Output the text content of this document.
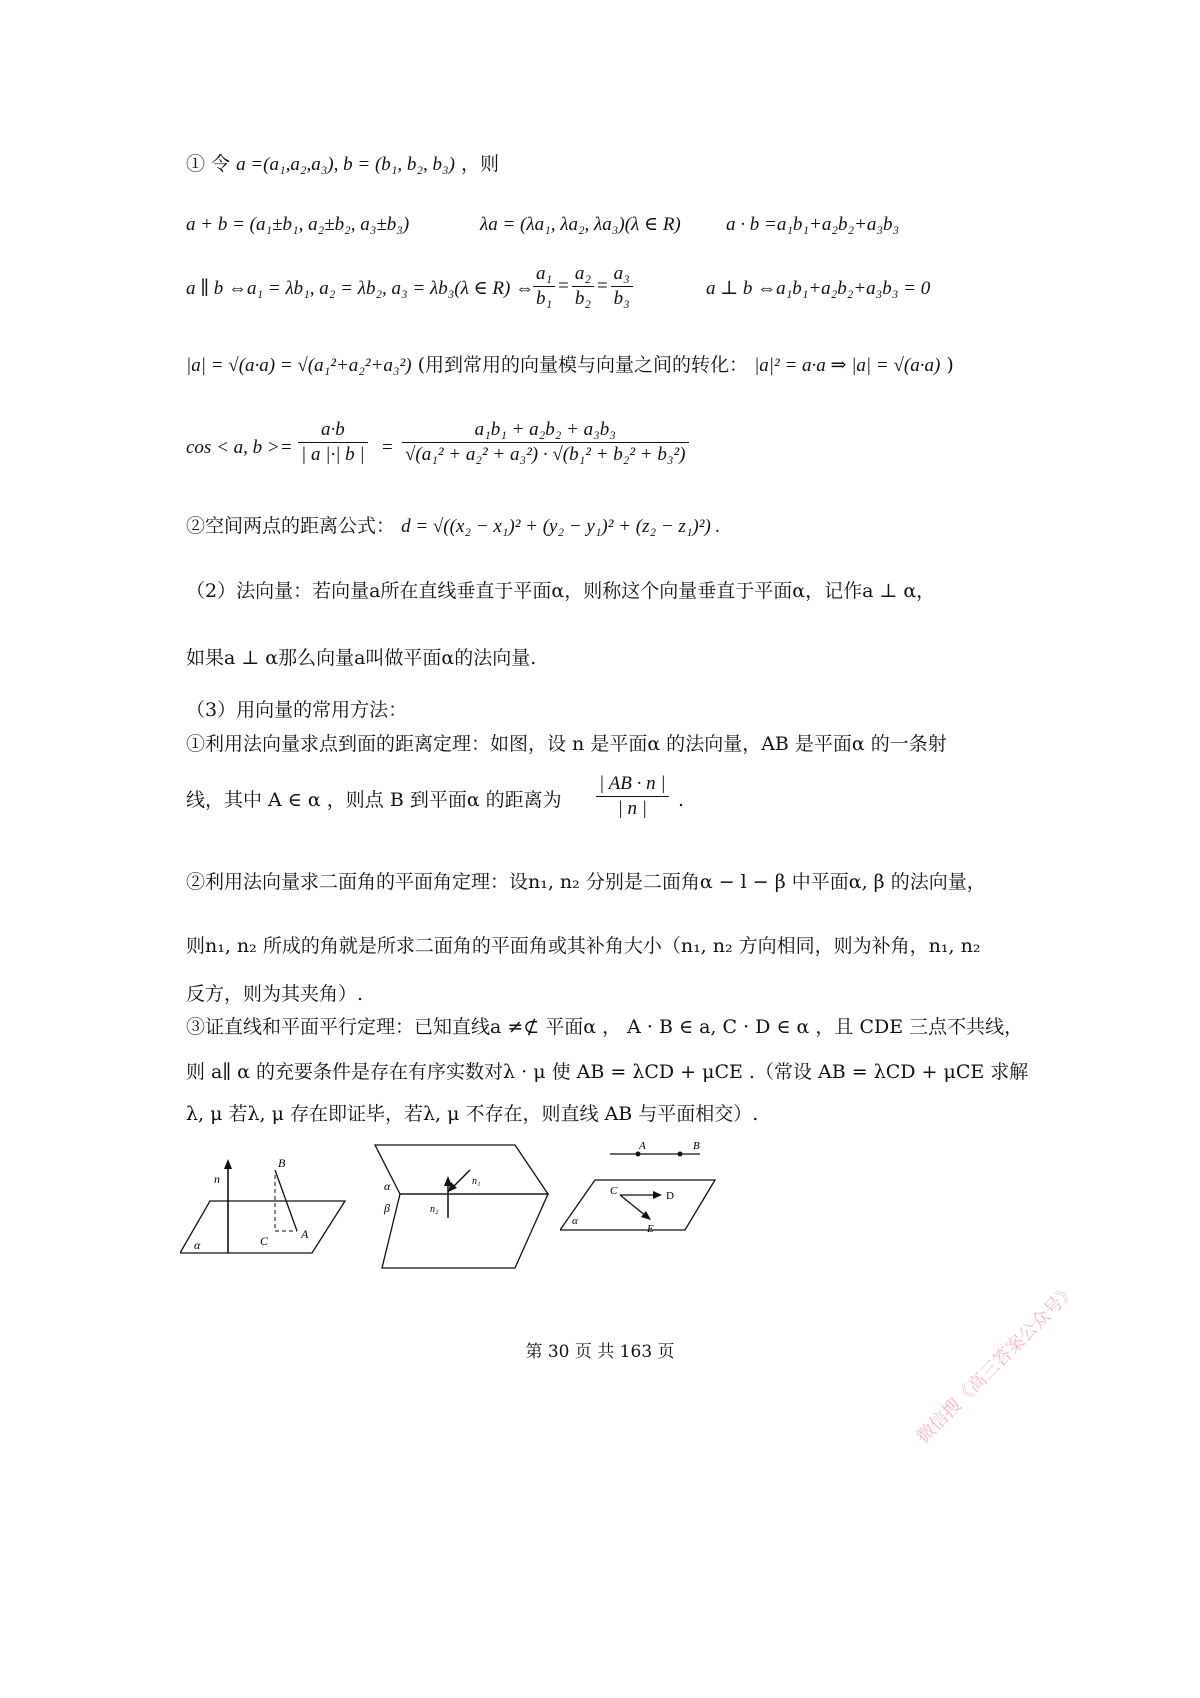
① 令 a =(a₁,a₂,a₃), b = (b₁, b₂, b₃) ，则
a + b = (a₁±b₁, a₂±b₂, a₃±b₃)	λa = (λa₁, λa₂, λa₃)(λ ∈ R) a · b =a₁b₁+a₂b₂+a₃b₃
a ∥ b ⇔a₁ = λb₁, a₂ = λb₂, a₃ = λb₃(λ ∈ R) ⇔
$\frac{\text{a₁}}{\text{b₁}} = \frac{\text{a₂}}{\text{b₂}} = \frac{\text{a₃}}{\text{b₃}}$	a ⊥ b ⇔a₁b₁+a₂b₂+a₃b₃ = 0
|a| = √(a·a) = √(a₁²+a₂²+a₃²) (用到常用的向量模与向量之间的转化： |a|² = a·a ⇒ |a| = √(a·a) )
cos < a, $b >= \frac{a\cdot b}{| a |\cdot| b |} = \frac{\text{a₁b₁ + a₂b₂ + a₃b₃}}{\text{√(a₁² + a₂² + a₃²) · √(b₁² + b₂² + b₃²)}}$
②空间两点的距离公式： d = √((x₂ − x₁)² + (y₂ − y₁)² + (z₂ − z₁)²) .
（2）法向量：若向量a所在直线垂直于平面α，则称这个向量垂直于平面α，记作a ⊥ α，
如果a ⊥ α那么向量a叫做平面α的法向量.
（3）用向量的常用方法：
①利用法向量求点到面的距离定理：如图，设 n 是平面α 的法向量，AB 是平面α 的一条射
线，其中 A ∈ α ，则点 B 到平面α 的距离为 $\frac{| AB \cdot n |}{| n |}$ .
②利用法向量求二面角的平面角定理：设n₁, n₂ 分别是二面角α − l − β 中平面α, β 的法向量，
则n₁, n₂ 所成的角就是所求二面角的平面角或其补角大小（n₁, n₂ 方向相同，则为补角，n₁, n₂
反方，则为其夹角）.
③证直线和平面平行定理：已知直线a ≠⊄ 平面α ， A · B ∈ a, C · D ∈ α ，且 CDE 三点不共线，
则 a∥ α 的充要条件是存在有序实数对λ · μ 使 AB = λCD + μCE .（常设 AB = λCD + μCE 求解
λ, μ 若λ, μ 存在即证毕，若λ, μ 不存在，则直线 AB 与平面相交）.
n
B
C	A
α
α
β
n₁
n₂
A	B
C	D
E
α
第 30 页 共 163 页	微信搜《高三答案公众号》
